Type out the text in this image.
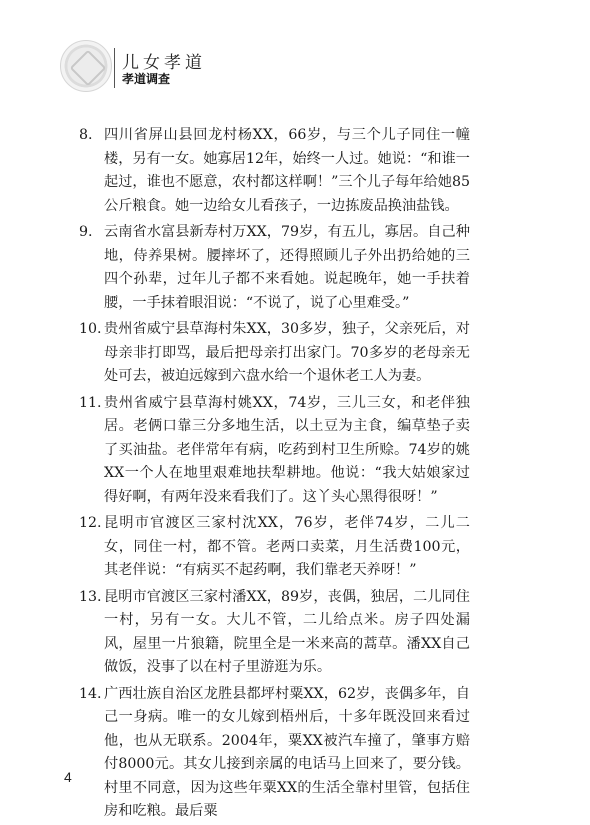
儿女孝道
孝道调查
8. 四川省屏山县回龙村杨XX，66岁，与三个儿子同住一幢楼，另有一女。她寡居12年，始终一人过。她说：“和谁一起过，谁也不愿意，农村都这样啊！”三个儿子每年给她85公斤粮食。她一边给女儿看孩子，一边拣废品换油盐钱。
9. 云南省水富县新寿村万XX，79岁，有五儿，寡居。自己种地，侍养果树。腰摔坏了，还得照顾儿子外出扔给她的三四个孙辈，过年儿子都不来看她。说起晚年，她一手扶着腰，一手抹着眼泪说：“不说了，说了心里难受。”
10. 贵州省威宁县草海村朱XX，30多岁，独子，父亲死后，对母亲非打即骂，最后把母亲打出家门。70多岁的老母亲无处可去，被迫远嫁到六盘水给一个退休老工人为妻。
11. 贵州省威宁县草海村姚XX，74岁，三儿三女，和老伴独居。老俩口靠三分多地生活，以土豆为主食，编草垫子卖了买油盐。老伴常年有病，吃药到村卫生所赊。74岁的姚XX一个人在地里艰难地扶犁耕地。他说：“我大姑娘家过得好啊，有两年没来看我们了。这丫头心黑得很呀！”
12. 昆明市官渡区三家村沈XX，76岁，老伴74岁，二儿二女，同住一村，都不管。老两口卖菜，月生活费100元，其老伴说：“有病买不起药啊，我们靠老天养呀！”
13. 昆明市官渡区三家村潘XX，89岁，丧偶，独居，二儿同住一村，另有一女。大儿不管，二儿给点米。房子四处漏风，屋里一片狼籍，院里全是一米来高的蒿草。潘XX自己做饭，没事了以在村子里游逛为乐。
14. 广西壮族自治区龙胜县都坪村粟XX，62岁，丧偶多年，自己一身病。唯一的女儿嫁到梧州后，十多年既没回来看过他，也从无联系。2004年，粟XX被汽车撞了，肇事方赔付8000元。其女儿接到亲属的电话马上回来了，要分钱。村里不同意，因为这些年粟XX的生活全靠村里管，包括住房和吃粮。最后粟
4
